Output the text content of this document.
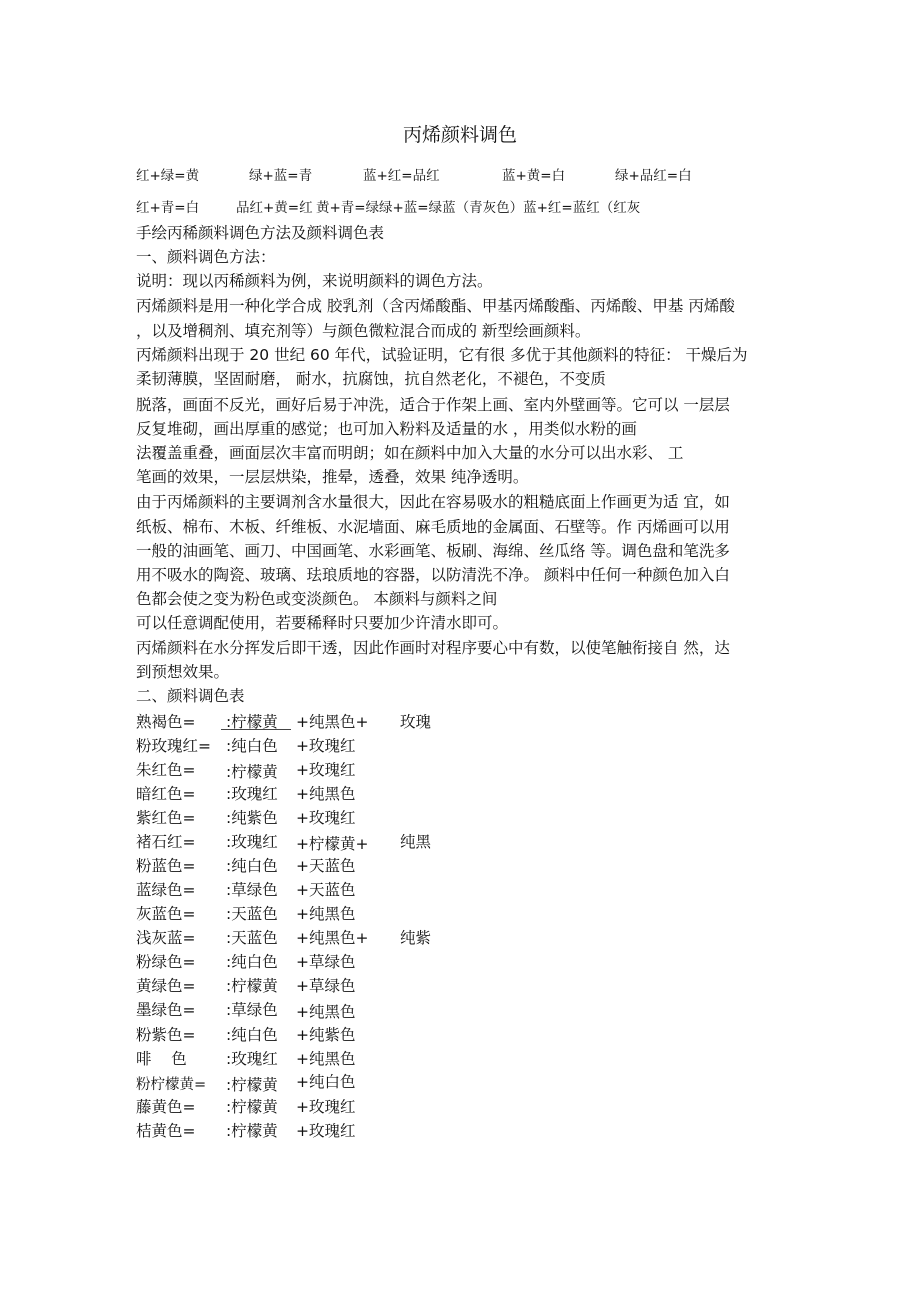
丙烯颜料调色
红+绿=黄	绿+蓝=青	蓝+红=品红	蓝+黄=白	绿+品红=白
红+青=白	品红+黄=红 黄+青=绿 绿+蓝=绿蓝（青灰色）蓝+红=蓝红（红灰
手绘丙稀颜料调色方法及颜料调色表
一、颜料调色方法：
说明：现以丙稀颜料为例，来说明颜料的调色方法。
丙烯颜料是用一种化学合成 胶乳剂（含丙烯酸酯、甲基丙烯酸酯、丙烯酸、甲基 丙烯酸
，以及增稠剂、填充剂等）与颜色微粒混合而成的 新型绘画颜料。
丙烯颜料出现于 20 世纪 60 年代，试验证明，它有很 多优于其他颜料的特征： 干燥后为
柔韧薄膜，坚固耐磨， 耐水，抗腐蚀，抗自然老化，不褪色，不变质
脱落，画面不反光，画好后易于冲洗，适合于作架上画、室内外壁画等。它可以 一层层
反复堆砌，画出厚重的感觉；也可加入粉料及适量的水 ，用类似水粉的画
法覆盖重叠，画面层次丰富而明朗；如在颜料中加入大量的水分可以出水彩、 工
笔画的效果，一层层烘染，推晕，透叠，效果 纯净透明。
由于丙烯颜料的主要调剂含水量很大，因此在容易吸水的粗糙底面上作画更为适 宜，如
纸板、棉布、木板、纤维板、水泥墙面、麻毛质地的金属面、石壁等。作 丙烯画可以用
一般的油画笔、画刀、中国画笔、水彩画笔、板刷、海绵、丝瓜络 等。调色盘和笔洗多
用不吸水的陶瓷、玻璃、珐琅质地的容器，以防清洗不净。 颜料中任何一种颜色加入白
色都会使之变为粉色或变淡颜色。 本颜料与颜料之间
可以任意调配使用，若要稀释时只要加少许清水即可。
丙烯颜料在水分挥发后即干透，因此作画时对程序要心中有数，以使笔触衔接自 然，达
到预想效果。
二、颜料调色表
熟褐色= :柠檬黄 +纯黑色+ 玫瑰
粉玫瑰红= :纯白色 +玫瑰红
朱红色= :柠檬黄 +玫瑰红
暗红色= :玫瑰红 +纯黑色
紫红色= :纯紫色 +玫瑰红
褚石红= :玫瑰红 +柠檬黄+ 纯黑
粉蓝色= :纯白色 +天蓝色
蓝绿色= :草绿色 +天蓝色
灰蓝色= :天蓝色 +纯黑色
浅灰蓝= :天蓝色 +纯黑色+ 纯紫
粉绿色= :纯白色 +草绿色
黄绿色= :柠檬黄 +草绿色
墨绿色= :草绿色 +纯黑色
粉紫色= :纯白色 +纯紫色
啡    色	:玫瑰红 +纯黑色
粉柠檬黄= :柠檬黄 +纯白色
藤黄色= :柠檬黄 +玫瑰红
桔黄色= :柠檬黄 +玫瑰红
